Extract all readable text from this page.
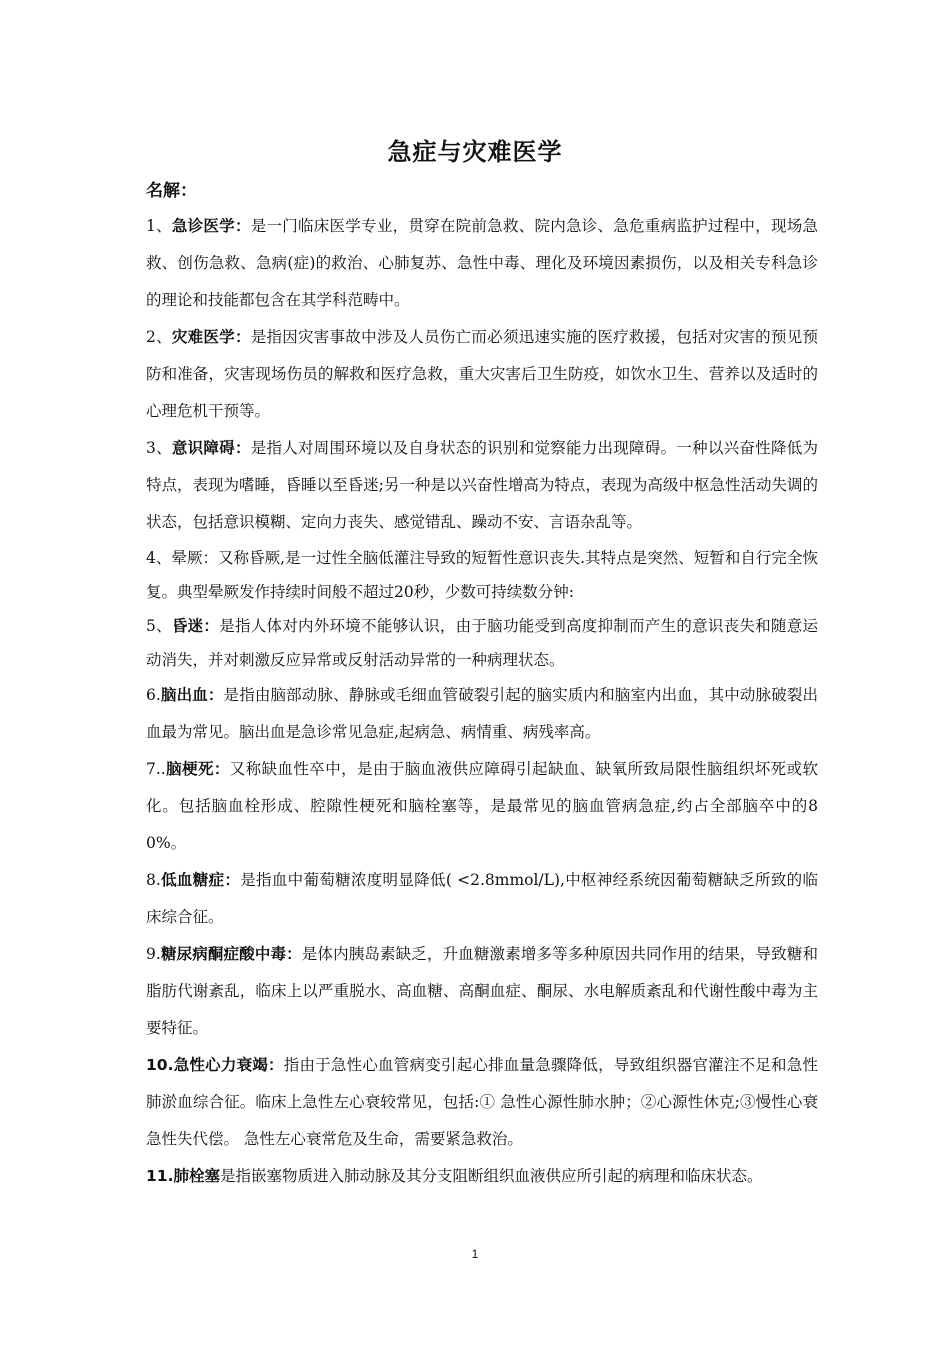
急症与灾难医学
名解：

1、急诊医学：是一门临床医学专业，贯穿在院前急救、院内急诊、急危重病监护过程中，现场急救、创伤急救、急病(症)的救治、心肺复苏、急性中毒、理化及环境因素损伤，以及相关专科急诊的理论和技能都包含在其学科范畴中。

2、灾难医学：是指因灾害事故中涉及人员伤亡而必须迅速实施的医疗救援，包括对灾害的预见预防和准备，灾害现场伤员的解救和医疗急救，重大灾害后卫生防疫，如饮水卫生、营养以及适时的心理危机干预等。

3、意识障碍：是指人对周围环境以及自身状态的识别和觉察能力出现障碍。一种以兴奋性降低为特点，表现为嗜睡，昏睡以至昏迷;另一种是以兴奋性增高为特点，表现为高级中枢急性活动失调的状态，包括意识模糊、定向力丧失、感觉错乱、躁动不安、言语杂乱等。

4、晕厥：又称昏厥,是一过性全脑低灌注导致的短暂性意识丧失.其特点是突然、短暂和自行完全恢复。典型晕厥发作持续时间般不超过20秒，少数可持续数分钟:

5、昏迷：是指人体对内外环境不能够认识，由于脑功能受到高度抑制而产生的意识丧失和随意运动消失，并对刺激反应异常或反射活动异常的一种病理状态。

6.脑出血：是指由脑部动脉、静脉或毛细血管破裂引起的脑实质内和脑室内出血，其中动脉破裂出血最为常见。脑出血是急诊常见急症,起病急、病情重、病残率高。

7..脑梗死：又称缺血性卒中，是由于脑血液供应障碍引起缺血、缺氧所致局限性脑组织坏死或软化。包括脑血栓形成、腔隙性梗死和脑栓塞等，是最常见的脑血管病急症,约占全部脑卒中的80%。

8.低血糖症：是指血中葡萄糖浓度明显降低( <2.8mmol/L),中枢神经系统因葡萄糖缺乏所致的临床综合征。

9.糖尿病酮症酸中毒：是体内胰岛素缺乏，升血糖激素增多等多种原因共同作用的结果，导致糖和脂肪代谢紊乱，临床上以严重脱水、高血糖、高酮血症、酮尿、水电解质紊乱和代谢性酸中毒为主要特征。

10.急性心力衰竭：指由于急性心血管病变引起心排血量急骤降低，导致组织器官灌注不足和急性肺淤血综合征。临床上急性左心衰较常见，包括:① 急性心源性肺水肿；②心源性休克;③慢性心衰急性失代偿。 急性左心衰常危及生命，需要紧急救治。

11.肺栓塞是指嵌塞物质进入肺动脉及其分支阻断组织血液供应所引起的病理和临床状态。

1
